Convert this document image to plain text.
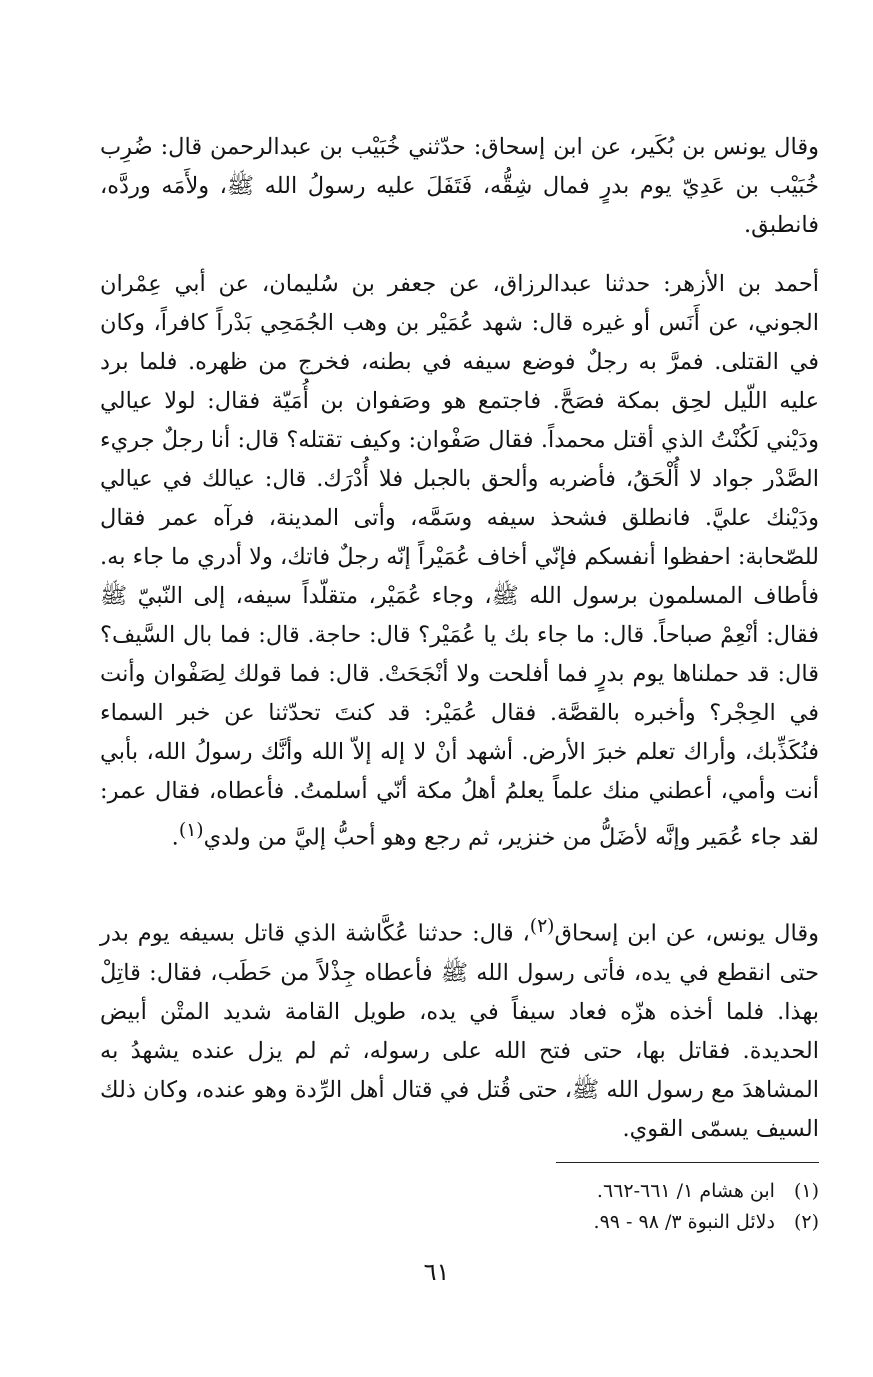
وقال يونس بن بُكَير، عن ابن إسحاق: حدّثني خُبَيْب بن عبدالرحمن قال: ضُرِب خُبَيْب بن عَدِيّ يوم بدرٍ فمال شِقُّه، فَتَفَلَ عليه رسولُ الله ﷺ، ولأَمَه وردَّه، فانطبق.

أحمد بن الأزهر: حدثنا عبدالرزاق، عن جعفر بن سُليمان، عن أبي عِمْران الجوني، عن أَنَس أو غيره قال: شهد عُمَيْر بن وهب الجُمَحِي بَدْراً كافراً، وكان في القتلى. فمرَّ به رجلٌ فوضع سيفه في بطنه، فخرج من ظهره. فلما برد عليه اللّيل لحِق بمكة فصَحَّ. فاجتمع هو وصَفوان بن أُمَيّة فقال: لولا عيالي ودَيْني لَكُنْتُ الذي أقتل محمداً. فقال صَفْوان: وكيف تقتله؟ قال: أنا رجلٌ جريء الصَّدْر جواد لا أُلْحَقُ، فأضربه وألحق بالجبل فلا أُدْرَك. قال: عيالك في عيالي ودَيْنك عليَّ. فانطلق فشحذ سيفه وسَمَّه، وأتى المدينة، فرآه عمر فقال للصّحابة: احفظوا أنفسكم فإنّي أخاف عُمَيْراً إنّه رجلٌ فاتك، ولا أدري ما جاء به. فأطاف المسلمون برسول الله ﷺ، وجاء عُمَيْر، متقلّداً سيفه، إلى النّبيّ ﷺ فقال: أنْعِمْ صباحاً. قال: ما جاء بك يا عُمَيْر؟ قال: حاجة. قال: فما بال السَّيف؟ قال: قد حملناها يوم بدرٍ فما أفلحت ولا أنْجَحَتْ. قال: فما قولك لِصَفْوان وأنت في الحِجْر؟ وأخبره بالقصَّة. فقال عُمَيْر: قد كنتَ تحدّثنا عن خبر السماء فنُكَذِّبك، وأراك تعلم خبرَ الأرض. أشهد أنْ لا إله إلاّ الله وأنَّك رسولُ الله، بأبي أنت وأمي، أعطني منك علماً يعلمُ أهلُ مكة أنّي أسلمتُ. فأعطاه، فقال عمر: لقد جاء عُمَير وإنَّه لأضَلُّ من خنزير، ثم رجع وهو أحبُّ إليَّ من ولدي$^{(١)}$.

وقال يونس، عن ابن إسحاق$^{(٢)}$، قال: حدثنا عُكَّاشة الذي قاتل بسيفه يوم بدر حتى انقطع في يده، فأتى رسول الله ﷺ فأعطاه جِذْلاً من حَطَب، فقال: قاتِلْ بهذا. فلما أخذه هزّه فعاد سيفاً في يده، طويل القامة شديد المتْن أبيض الحديدة. فقاتل بها، حتى فتح الله على رسوله، ثم لم يزل عنده يشهدُ به المشاهدَ مع رسول الله ﷺ، حتى قُتل في قتال أهل الرِّدة وهو عنده، وكان ذلك السيف يسمّى القوي.

(١) ابن هشام ١/ ٦٦١-٦٦٢.
(٢) دلائل النبوة ٣/ ٩٨ - ٩٩.
٦١
